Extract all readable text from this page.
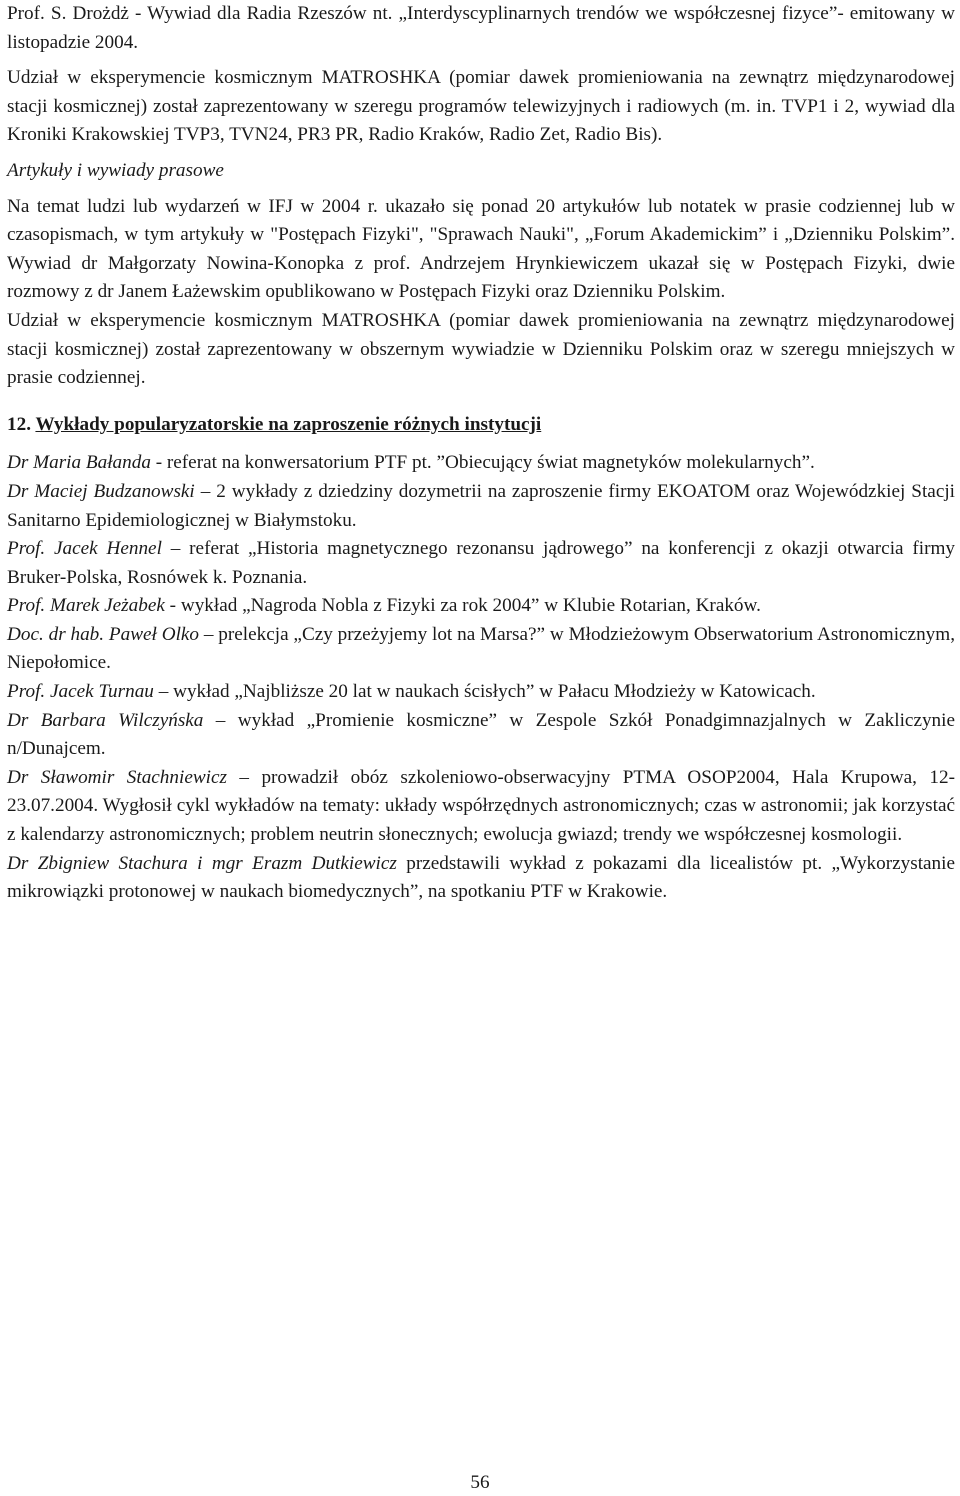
Prof. S. Drożdż - Wywiad dla Radia Rzeszów nt. „Interdyscyplinarnych trendów we współczesnej fizyce”- emitowany w listopadzie 2004.

Udział w eksperymencie kosmicznym MATROSHKA (pomiar dawek promieniowania na zewnątrz międzynarodowej stacji kosmicznej) został zaprezentowany w szeregu programów telewizyjnych i radiowych (m. in. TVP1 i 2, wywiad dla Kroniki Krakowskiej TVP3, TVN24, PR3 PR, Radio Kraków, Radio Zet, Radio Bis).

Artykuły i wywiady prasowe

Na temat ludzi lub wydarzeń w IFJ w 2004 r. ukazało się ponad 20 artykułów lub notatek w prasie codziennej lub w czasopismach, w tym artykuły w "Postępach Fizyki", "Sprawach Nauki", „Forum Akademickim” i „Dzienniku Polskim”. Wywiad dr Małgorzaty Nowina-Konopka z prof. Andrzejem Hrynkiewiczem ukazał się w Postępach Fizyki, dwie rozmowy z dr Janem Łażewskim opublikowano w Postępach Fizyki oraz Dzienniku Polskim.

Udział w eksperymencie kosmicznym MATROSHKA (pomiar dawek promieniowania na zewnątrz międzynarodowej stacji kosmicznej) został zaprezentowany w obszernym wywiadzie w Dzienniku Polskim oraz w szeregu mniejszych w prasie codziennej.

12. Wykłady popularyzatorskie na zaproszenie różnych instytucji

Dr Maria Bałanda - referat na konwersatorium PTF pt. ”Obiecujący świat magnetyków molekularnych”.

Dr Maciej Budzanowski – 2 wykłady z dziedziny dozymetrii na zaproszenie firmy EKOATOM oraz Wojewódzkiej Stacji Sanitarno Epidemiologicznej w Białymstoku.

Prof. Jacek Hennel – referat „Historia magnetycznego rezonansu jądrowego” na konferencji z okazji otwarcia firmy Bruker-Polska, Rosnówek k. Poznania.

Prof. Marek Jeżabek - wykład „Nagroda Nobla z Fizyki za rok 2004” w Klubie Rotarian, Kraków.

Doc. dr hab. Paweł Olko – prelekcja „Czy przeżyjemy lot na Marsa?” w Młodzieżowym Obserwatorium Astronomicznym, Niepołomice.

Prof. Jacek Turnau – wykład „Najbliższe 20 lat w naukach ścisłych” w Pałacu Młodzieży w Katowicach.

Dr Barbara Wilczyńska – wykład „Promienie kosmiczne” w Zespole Szkół Ponadgimnazjalnych w Zakliczynie n/Dunajcem.

Dr Sławomir Stachniewicz – prowadził obóz szkoleniowo-obserwacyjny PTMA OSOP2004, Hala Krupowa, 12-23.07.2004. Wygłosił cykl wykładów na tematy: układy współrzędnych astronomicznych; czas w astronomii; jak korzystać z kalendarzy astronomicznych; problem neutrin słonecznych; ewolucja gwiazd; trendy we współczesnej kosmologii.

Dr Zbigniew Stachura i mgr Erazm Dutkiewicz przedstawili wykład z pokazami dla licealistów pt. „Wykorzystanie mikrowiązki protonowej w naukach biomedycznych”, na spotkaniu PTF w Krakowie.

56
